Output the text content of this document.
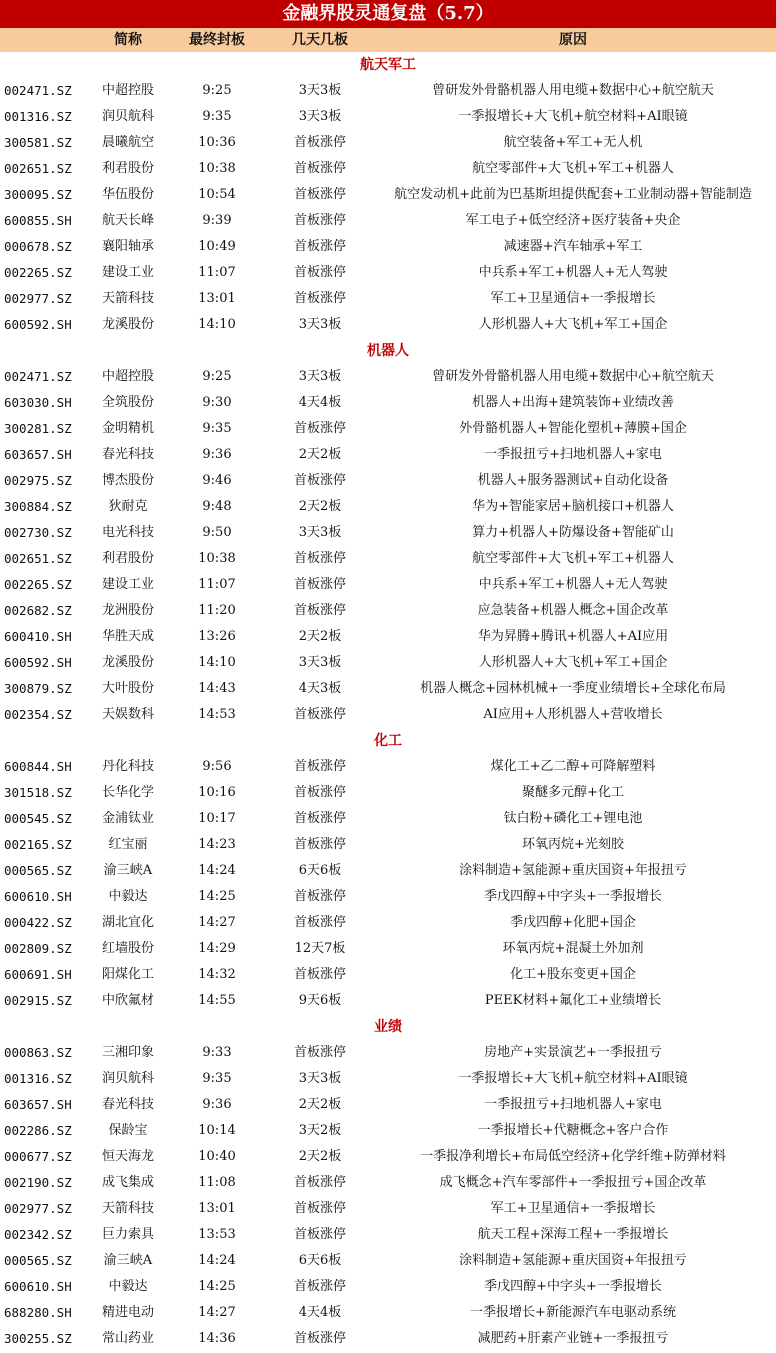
金融界股灵通复盘（5.7）
简称	最终封板	几天几板	原因
航天军工
002471.SZ	中超控股	9:25	3天3板	曾研发外骨骼机器人用电缆+数据中心+航空航天
001316.SZ	润贝航科	9:35	3天3板	一季报增长+大飞机+航空材料+AI眼镜
300581.SZ	晨曦航空	10:36	首板涨停	航空装备+军工+无人机
002651.SZ	利君股份	10:38	首板涨停	航空零部件+大飞机+军工+机器人
300095.SZ	华伍股份	10:54	首板涨停	航空发动机+此前为巴基斯坦提供配套+工业制动器+智能制造
600855.SH	航天长峰	9:39	首板涨停	军工电子+低空经济+医疗装备+央企
000678.SZ	襄阳轴承	10:49	首板涨停	减速器+汽车轴承+军工
002265.SZ	建设工业	11:07	首板涨停	中兵系+军工+机器人+无人驾驶
002977.SZ	天箭科技	13:01	首板涨停	军工+卫星通信+一季报增长
600592.SH	龙溪股份	14:10	3天3板	人形机器人+大飞机+军工+国企
机器人
002471.SZ	中超控股	9:25	3天3板	曾研发外骨骼机器人用电缆+数据中心+航空航天
603030.SH	全筑股份	9:30	4天4板	机器人+出海+建筑装饰+业绩改善
300281.SZ	金明精机	9:35	首板涨停	外骨骼机器人+智能化塑机+薄膜+国企
603657.SH	春光科技	9:36	2天2板	一季报扭亏+扫地机器人+家电
002975.SZ	博杰股份	9:46	首板涨停	机器人+服务器测试+自动化设备
300884.SZ	狄耐克	9:48	2天2板	华为+智能家居+脑机接口+机器人
002730.SZ	电光科技	9:50	3天3板	算力+机器人+防爆设备+智能矿山
002651.SZ	利君股份	10:38	首板涨停	航空零部件+大飞机+军工+机器人
002265.SZ	建设工业	11:07	首板涨停	中兵系+军工+机器人+无人驾驶
002682.SZ	龙洲股份	11:20	首板涨停	应急装备+机器人概念+国企改革
600410.SH	华胜天成	13:26	2天2板	华为昇腾+腾讯+机器人+AI应用
600592.SH	龙溪股份	14:10	3天3板	人形机器人+大飞机+军工+国企
300879.SZ	大叶股份	14:43	4天3板	机器人概念+园林机械+一季度业绩增长+全球化布局
002354.SZ	天娱数科	14:53	首板涨停	AI应用+人形机器人+营收增长
化工
600844.SH	丹化科技	9:56	首板涨停	煤化工+乙二醇+可降解塑料
301518.SZ	长华化学	10:16	首板涨停	聚醚多元醇+化工
000545.SZ	金浦钛业	10:17	首板涨停	钛白粉+磷化工+锂电池
002165.SZ	红宝丽	14:23	首板涨停	环氧丙烷+光刻胶
000565.SZ	渝三峡A	14:24	6天6板	涂料制造+氢能源+重庆国资+年报扭亏
600610.SH	中毅达	14:25	首板涨停	季戊四醇+中字头+一季报增长
000422.SZ	湖北宜化	14:27	首板涨停	季戊四醇+化肥+国企
002809.SZ	红墙股份	14:29	12天7板	环氧丙烷+混凝土外加剂
600691.SH	阳煤化工	14:32	首板涨停	化工+股东变更+国企
002915.SZ	中欣氟材	14:55	9天6板	PEEK材料+氟化工+业绩增长
业绩
000863.SZ	三湘印象	9:33	首板涨停	房地产+实景演艺+一季报扭亏
001316.SZ	润贝航科	9:35	3天3板	一季报增长+大飞机+航空材料+AI眼镜
603657.SH	春光科技	9:36	2天2板	一季报扭亏+扫地机器人+家电
002286.SZ	保龄宝	10:14	3天2板	一季报增长+代糖概念+客户合作
000677.SZ	恒天海龙	10:40	2天2板	一季报净利增长+布局低空经济+化学纤维+防弹材料
002190.SZ	成飞集成	11:08	首板涨停	成飞概念+汽车零部件+一季报扭亏+国企改革
002977.SZ	天箭科技	13:01	首板涨停	军工+卫星通信+一季报增长
002342.SZ	巨力索具	13:53	首板涨停	航天工程+深海工程+一季报增长
000565.SZ	渝三峡A	14:24	6天6板	涂料制造+氢能源+重庆国资+年报扭亏
600610.SH	中毅达	14:25	首板涨停	季戊四醇+中字头+一季报增长
688280.SH	精进电动	14:27	4天4板	一季报增长+新能源汽车电驱动系统
300255.SZ	常山药业	14:36	首板涨停	减肥药+肝素产业链+一季报扭亏
